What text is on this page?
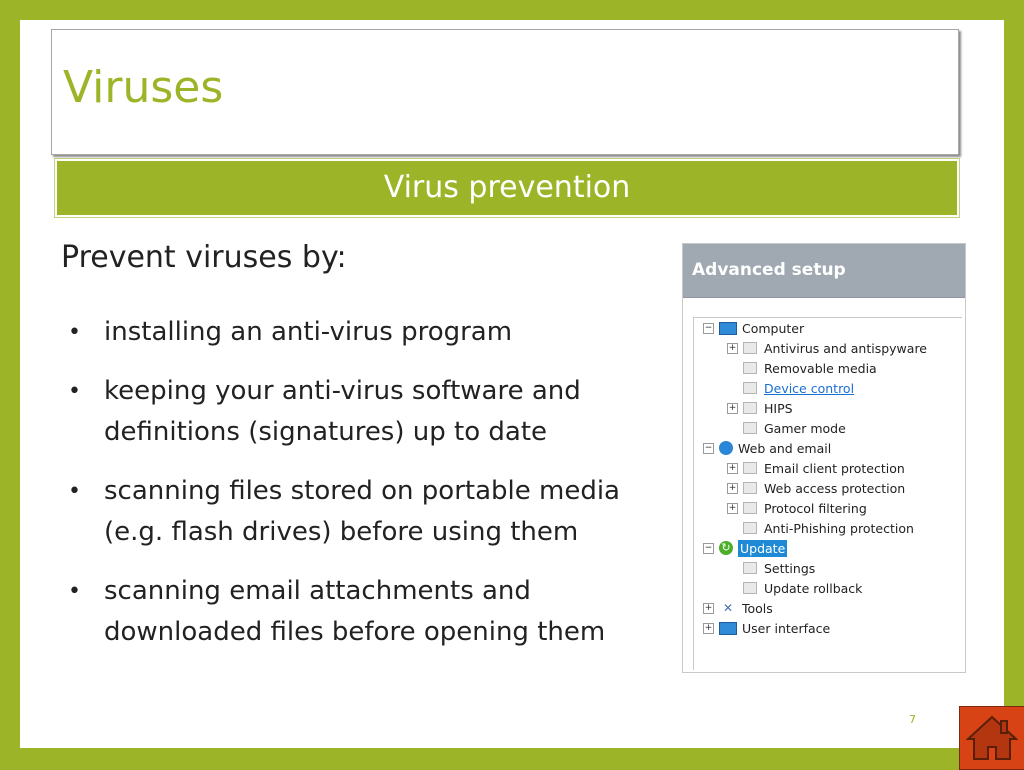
Viruses
Virus prevention
Prevent viruses by:
• installing an anti-virus program
• keeping your anti-virus software and definitions (signatures) up to date
• scanning files stored on portable media (e.g. flash drives) before using them
• scanning email attachments and downloaded files before opening them
Advanced setup
− Computer
+ Antivirus and antispyware
Removable media
Device control
+ HIPS
Gamer mode
− Web and email
+ Email client protection
+ Web access protection
+ Protocol filtering
Anti-Phishing protection
− ↻ Update
Settings
Update rollback
+ ✕ Tools
+ User interface
7
